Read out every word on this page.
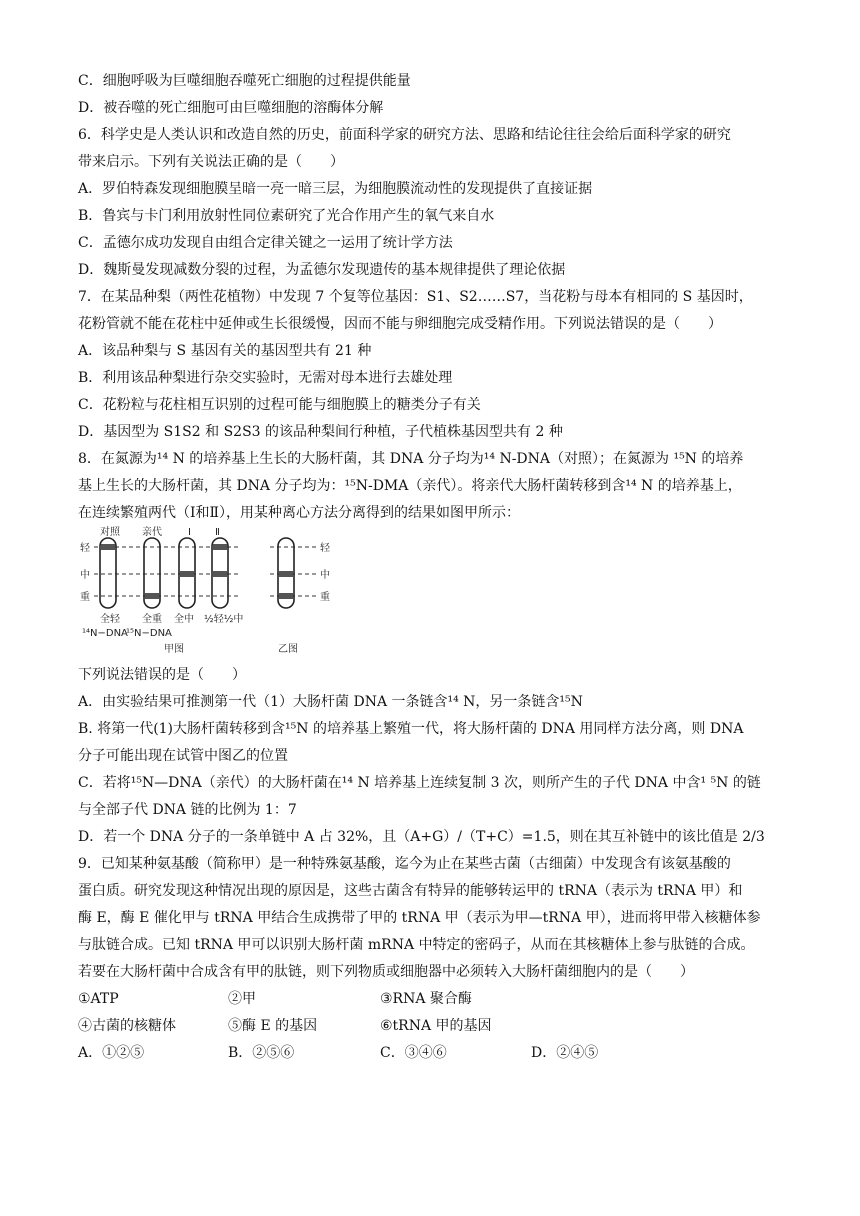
C．细胞呼吸为巨噬细胞吞噬死亡细胞的过程提供能量
D．被吞噬的死亡细胞可由巨噬细胞的溶酶体分解
6．科学史是人类认识和改造自然的历史，前面科学家的研究方法、思路和结论往往会给后面科学家的研究
带来启示。下列有关说法正确的是（　　）
A．罗伯特森发现细胞膜呈暗一亮一暗三层，为细胞膜流动性的发现提供了直接证据
B．鲁宾与卡门利用放射性同位素研究了光合作用产生的氧气来自水
C．孟德尔成功发现自由组合定律关键之一运用了统计学方法
D．魏斯曼发现减数分裂的过程，为孟德尔发现遗传的基本规律提供了理论依据
7．在某品种梨（两性花植物）中发现 7 个复等位基因：S1、S2……S7，当花粉与母本有相同的 S 基因时，
花粉管就不能在花柱中延伸或生长很缓慢，因而不能与卵细胞完成受精作用。下列说法错误的是（　　）
A．该品种梨与 S 基因有关的基因型共有 21 种
B．利用该品种梨进行杂交实验时，无需对母本进行去雄处理
C．花粉粒与花柱相互识别的过程可能与细胞膜上的糖类分子有关
D．基因型为 S1S2 和 S2S3 的该品种梨间行种植，子代植株基因型共有 2 种
8．在氮源为¹⁴ N 的培养基上生长的大肠杆菌，其 DNA 分子均为¹⁴ N-DNA（对照）；在氮源为 ¹⁵N 的培养
基上生长的大肠杆菌，其 DNA 分子均为：¹⁵N-DMA（亲代）。将亲代大肠杆菌转移到含¹⁴ N 的培养基上，
在连续繁殖两代（Ⅰ和Ⅱ），用某种离心方法分离得到的结果如图甲所示：
对照 亲代	Ⅰ Ⅱ
轻
中
重
全轻 全重 全中 ½轻½中
¹⁴N−DNA
¹⁵N−DNA
甲图
轻
中
重
乙图
下列说法错误的是（　　）
A．由实验结果可推测第一代（1）大肠杆菌 DNA 一条链含¹⁴ N，另一条链含¹⁵N
B. 将第一代(1)大肠杆菌转移到含¹⁵N 的培养基上繁殖一代，将大肠杆菌的 DNA 用同样方法分离，则 DNA
分子可能出现在试管中图乙的位置
C．若将¹⁵N—DNA（亲代）的大肠杆菌在¹⁴ N 培养基上连续复制 3 次，则所产生的子代 DNA 中含¹ ⁵N 的链
与全部子代 DNA 链的比例为 1：7
D．若一个 DNA 分子的一条单链中 A 占 32%，且（A+G）/（T+C）=1.5，则在其互补链中的该比值是 2/3
9．已知某种氨基酸（简称甲）是一种特殊氨基酸，迄今为止在某些古菌（古细菌）中发现含有该氨基酸的
蛋白质。研究发现这种情况出现的原因是，这些古菌含有特异的能够转运甲的 tRNA（表示为 tRNA 甲）和
酶 E，酶 E 催化甲与 tRNA 甲结合生成携带了甲的 tRNA 甲（表示为甲—tRNA 甲），进而将甲带入核糖体参
与肽链合成。已知 tRNA 甲可以识别大肠杆菌 mRNA 中特定的密码子，从而在其核糖体上参与肽链的合成。
若要在大肠杆菌中合成含有甲的肽链，则下列物质或细胞器中必须转入大肠杆菌细胞内的是（　　）
①ATP	②甲	③RNA 聚合酶
④古菌的核糖体	⑤酶 E 的基因	⑥tRNA 甲的基因
A．①②⑤	B．②⑤⑥	C．③④⑥	D．②④⑤
